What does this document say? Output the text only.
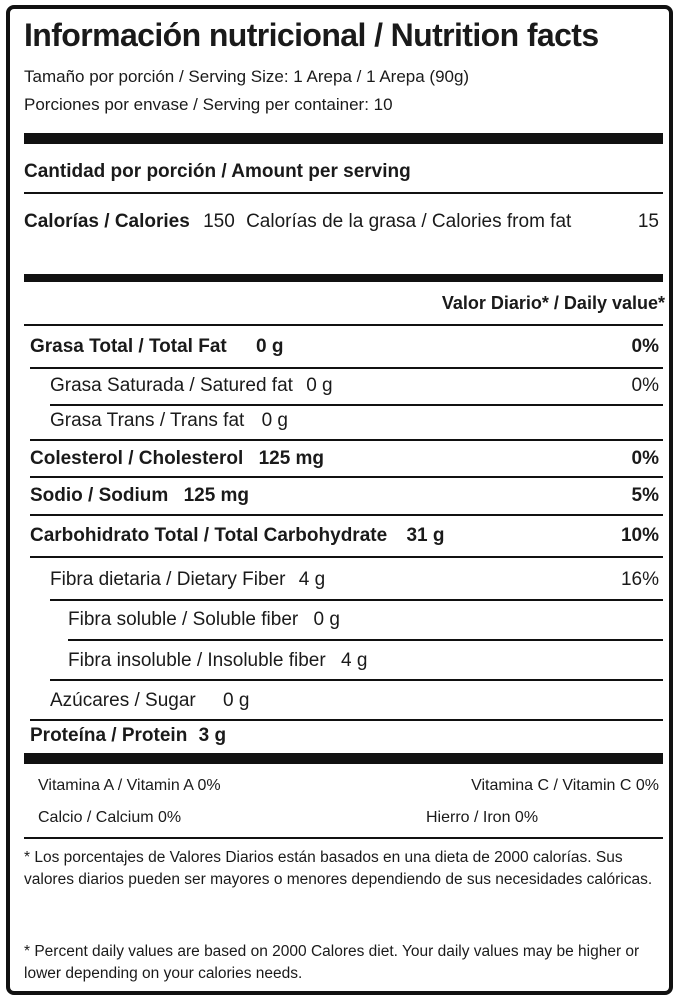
Información nutricional / Nutrition facts
Tamaño por porción / Serving Size: 1 Arepa / 1 Arepa (90g)
Porciones por envase / Serving per container: 10
Cantidad por porción / Amount per serving
Calorías / Calories 150 Calorías de la grasa / Calories from fat	15
Valor Diario* / Daily value*
Grasa Total / Total Fat 0 g	0%
Grasa Saturada / Satured fat 0 g	0%
Grasa Trans / Trans fat 0 g
Colesterol / Cholesterol 125 mg	0%
Sodio / Sodium 125 mg	5%
Carbohidrato Total / Total Carbohydrate 31 g	10%
Fibra dietaria / Dietary Fiber 4 g	16%
Fibra soluble / Soluble fiber 0 g
Fibra insoluble / Insoluble fiber 4 g
Azúcares / Sugar 0 g
Proteína / Protein 3 g
Vitamina A / Vitamin A 0%	Vitamina C / Vitamin C 0%
Calcio / Calcium 0%	Hierro / Iron 0%
* Los porcentajes de Valores Diarios están basados en una dieta de 2000 calorías. Sus valores diarios pueden ser mayores o menores dependiendo de sus necesidades calóricas.
* Percent daily values are based on 2000 Calores diet. Your daily values may be higher or lower depending on your calories needs.
